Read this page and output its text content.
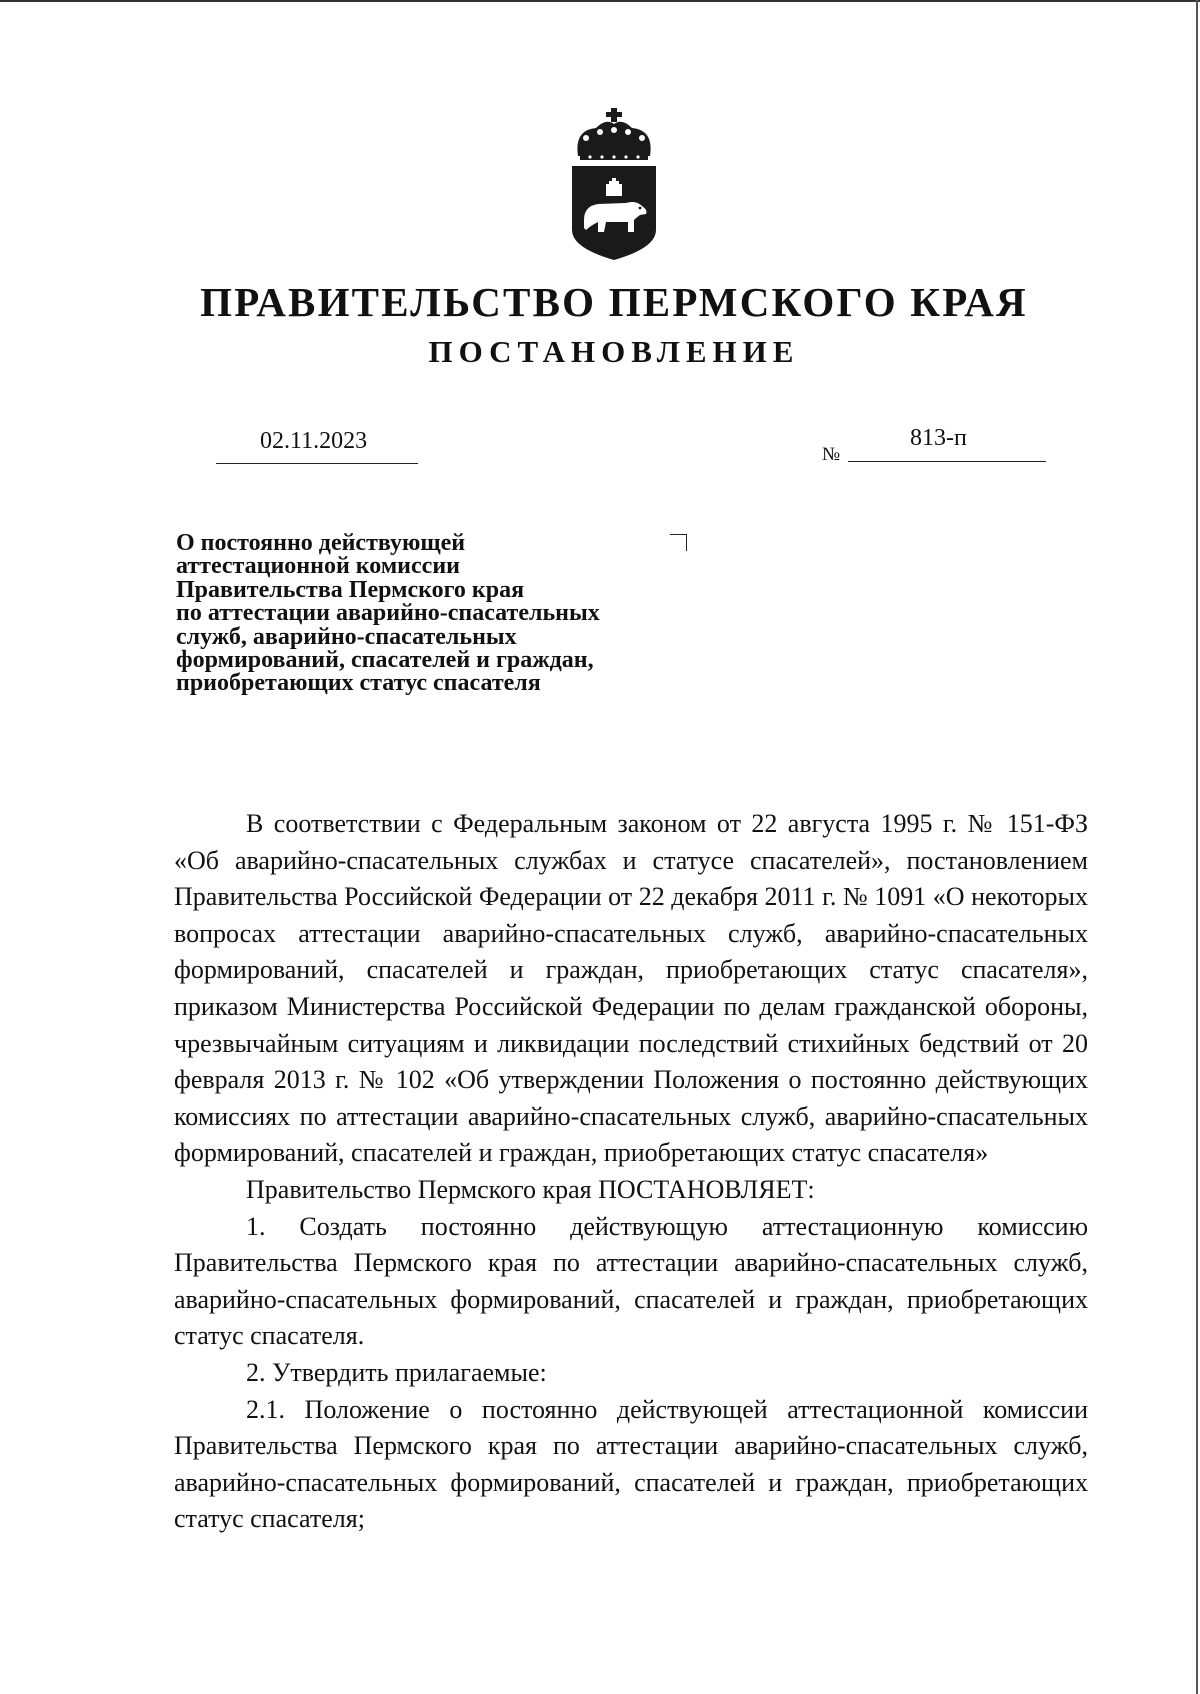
ПРАВИТЕЛЬСТВО ПЕРМСКОГО КРАЯ
ПОСТАНОВЛЕНИЕ
02.11.2023
№
813-п
О постоянно действующей
аттестационной комиссии
Правительства Пермского края
по аттестации аварийно-спасательных
служб, аварийно-спасательных
формирований, спасателей и граждан,
приобретающих статус спасателя

В соответствии с Федеральным законом от 22 августа 1995 г. № 151-ФЗ «Об аварийно-спасательных службах и статусе спасателей», постановлением Правительства Российской Федерации от 22 декабря 2011 г. № 1091 «О некоторых вопросах аттестации аварийно-спасательных служб, аварийно-спасательных формирований, спасателей и граждан, приобретающих статус спасателя», приказом Министерства Российской Федерации по делам гражданской обороны, чрезвычайным ситуациям и ликвидации последствий стихийных бедствий от 20 февраля 2013 г. № 102 «Об утверждении Положения о постоянно действующих комиссиях по аттестации аварийно-спасательных служб, аварийно-спасательных формирований, спасателей и граждан, приобретающих статус спасателя»

Правительство Пермского края ПОСТАНОВЛЯЕТ:

1. Создать постоянно действующую аттестационную комиссию Правительства Пермского края по аттестации аварийно-спасательных служб, аварийно-спасательных формирований, спасателей и граждан, приобретающих статус спасателя.

2. Утвердить прилагаемые:

2.1. Положение о постоянно действующей аттестационной комиссии Правительства Пермского края по аттестации аварийно-спасательных служб, аварийно-спасательных формирований, спасателей и граждан, приобретающих статус спасателя;
